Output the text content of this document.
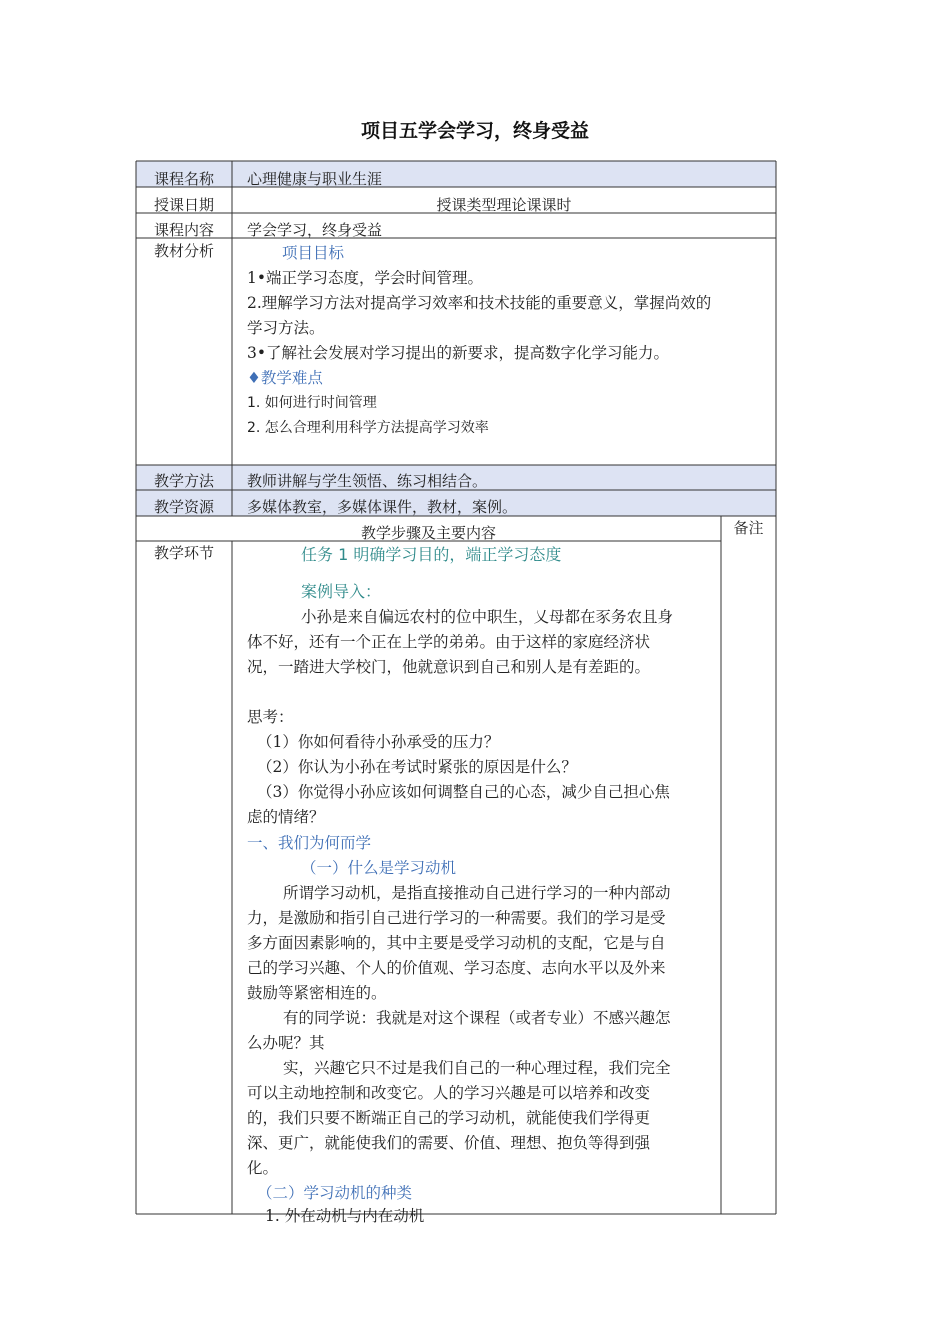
项目五学会学习，终身受益
课程名称	心理健康与职业生涯
授课日期	授课类型理论课课时
课程内容	学会学习，终身受益
教材分析	项目目标
1•端正学习态度，学会时间管理。
2.理解学习方法对提高学习效率和技术技能的重要意义，掌握尚效的
学习方法。
3•了解社会发展对学习提出的新要求，提高数字化学习能力。
♦教学难点
1. 如何进行时间管理
2. 怎么合理利用科学方法提高学习效率
教学方法	教师讲解与学生领悟、练习相结合。
教学资源	多媒体教室，多媒体课件，教材，案例。
教学步骤及主要内容	备注
教学环节	任务 1 明确学习目的，端正学习态度
案例导入：
小孙是来自偏远农村的位中职生，乂母都在豕务农且身
体不好，还有一个正在上学的弟弟。由于这样的家庭经济状
况，一踏进大学校门，他就意识到自己和别人是有差距的。
思考：
（1）你如何看待小孙承受的压力？
（2）你认为小孙在考试时紧张的原因是什么？
（3）你觉得小孙应该如何调整自己的心态，减少自己担心焦
虑的情绪？
一、我们为何而学
（一）什么是学习动机
所谓学习动机，是指直接推动自己进行学习的一种内部动
力，是激励和指引自己进行学习的一种需要。我们的学习是受
多方面因素影响的，其中主要是受学习动机的支配，它是与自
己的学习兴趣、个人的价值观、学习态度、志向水平以及外来
鼓励等紧密相连的。
有的同学说：我就是对这个课程（或者专业）不感兴趣怎
么办呢？其
实，兴趣它只不过是我们自己的一种心理过程，我们完全
可以主动地控制和改变它。人的学习兴趣是可以培养和改变
的，我们只要不断端正自己的学习动机，就能使我们学得更
深、更广，就能使我们的需要、价值、理想、抱负等得到强
化。
（二）学习动机的种类
1. 外在动机与内在动机
